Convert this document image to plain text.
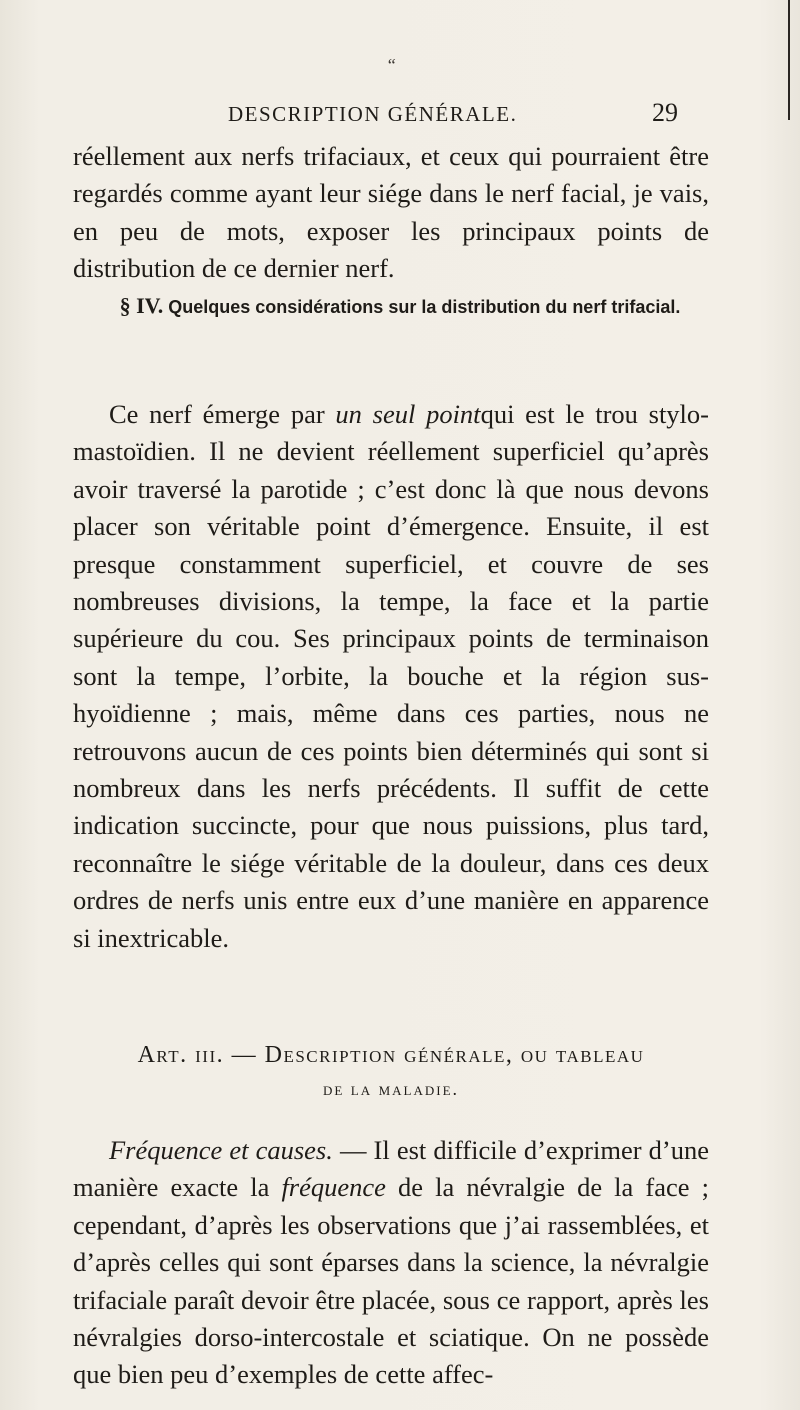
“
DESCRIPTION GÉNÉRALE.	29

réellement aux nerfs trifaciaux, et ceux qui pourraient être regardés comme ayant leur siége dans le nerf facial, je vais, en peu de mots, exposer les principaux points de distribution de ce dernier nerf.

§ IV. Quelques considérations sur la distribution du nerf trifacial.

Ce nerf émerge par un seul pointqui est le trou stylo-mastoïdien. Il ne devient réellement superficiel qu’après avoir traversé la parotide ; c’est donc là que nous devons placer son véritable point d’émergence. Ensuite, il est presque constamment superficiel, et couvre de ses nombreuses divisions, la tempe, la face et la partie supérieure du cou. Ses principaux points de terminaison sont la tempe, l’orbite, la bouche et la région sus-hyoïdienne ; mais, même dans ces parties, nous ne retrouvons aucun de ces points bien déterminés qui sont si nombreux dans les nerfs précédents. Il suffit de cette indication succincte, pour que nous puissions, plus tard, reconnaître le siége véritable de la douleur, dans ces deux ordres de nerfs unis entre eux d’une manière en apparence si inextricable.

Art. iii. — Description générale, ou tableau
de la maladie.

Fréquence et causes. — Il est difficile d’exprimer d’une manière exacte la fréquence de la névralgie de la face ; cependant, d’après les observations que j’ai rassemblées, et d’après celles qui sont éparses dans la science, la névralgie trifaciale paraît devoir être placée, sous ce rapport, après les névralgies dorso-intercostale et sciatique. On ne possède que bien peu d’exemples de cette affec-
